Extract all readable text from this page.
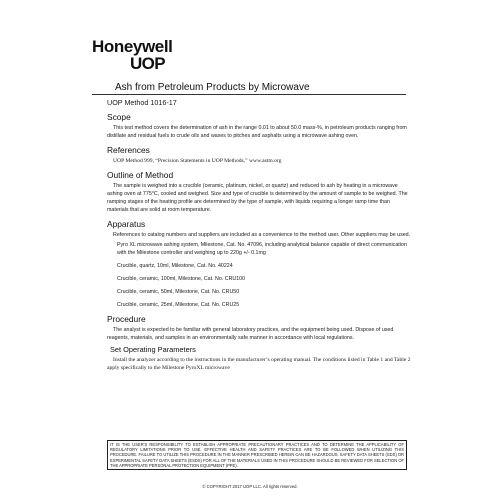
Honeywell
UOP
Ash from Petroleum Products by Microwave
UOP Method 1016-17
Scope

This test method covers the determination of ash in the range 0.01 to about 50.0 mass-%, in petroleum products ranging from distillate and residual fuels to crude oils and waxes to pitches and asphalts using a microwave ashing oven.

References

UOP Method 999, “Precision Statements in UOP Methods,” www.astm.org

Outline of Method

The sample is weighed into a crucible (ceramic, platinum, nickel, or quartz) and reduced to ash by heating in a microwave ashing oven at 775°C, cooled and weighed. Size and type of crucible is determined by the amount of sample to be weighed. The ramping stages of the heating profile are determined by the type of sample, with liquids requiring a longer ramp time than materials that are solid at room temperature.

Apparatus

References to catalog numbers and suppliers are included as a convenience to the method user. Other suppliers may be used.

Pyro XL microwave ashing system, Milestone, Cat. No. 47096, including analytical balance capable of direct communication with the Milestone controller and weighing up to 220g +/- 0.1mg
Crucible, quartz, 10ml, Milestone, Cat. No. 40224
Crucible, ceramic, 100ml, Milestone, Cat. No. CRU100
Crucible, ceramic, 50ml, Milestone, Cat. No. CRU50
Crucible, ceramic, 25ml, Milestone, Cat. No. CRU25
Procedure

The analyst is expected to be familiar with general laboratory practices, and the equipment being used. Dispose of used reagents, materials, and samples in an environmentally safe manner in accordance with local regulations.

Set Operating Parameters

Install the analyzer according to the instructions in the manufacturer’s operating manual. The conditions listed in Table 1 and Table 2 apply specifically to the Milestone PyroXL microwave

IT IS THE USER'S RESPONSIBILITY TO ESTABLISH APPROPRIATE PRECAUTIONARY PRACTICES AND TO DETERMINE THE APPLICABILITY OF REGULATORY LIMITATIONS PRIOR TO USE. EFFECTIVE HEALTH AND SAFETY PRACTICES ARE TO BE FOLLOWED WHEN UTILIZING THIS PROCEDURE. FAILURE TO UTILIZE THIS PROCEDURE IN THE MANNER PRESCRIBED HEREIN CAN BE HAZARDOUS. SAFETY DATA SHEETS (SDS) OR EXPERIMENTAL SAFETY DATA SHEETS (ESDS) FOR ALL OF THE MATERIALS USED IN THIS PROCEDURE SHOULD BE REVIEWED FOR SELECTION OF THE APPROPRIATE PERSONAL PROTECTION EQUIPMENT (PPE).
© COPYRIGHT 2017 UOP LLC. All rights reserved.
